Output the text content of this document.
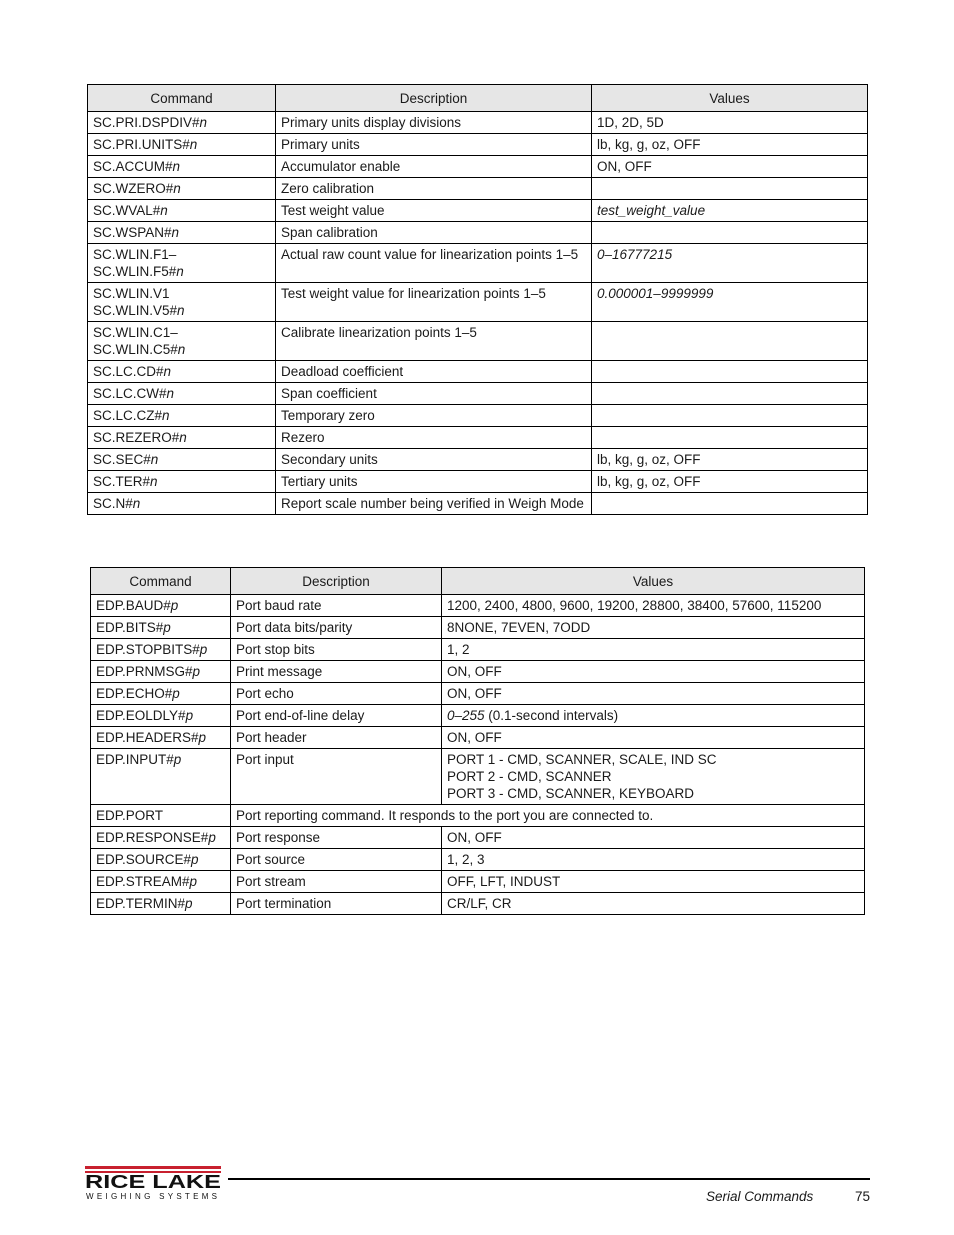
Command	Description	Values
SC.PRI.DSPDIV#n	Primary units display divisions	1D, 2D, 5D
SC.PRI.UNITS#n	Primary units	lb, kg, g, oz, OFF
SC.ACCUM#n	Accumulator enable	ON, OFF
SC.WZERO#n	Zero calibration	
SC.WVAL#n	Test weight value	test_weight_value
SC.WSPAN#n	Span calibration	
SC.WLIN.F1–
SC.WLIN.F5#n	Actual raw count value for linearization points 1–5	0–16777215
SC.WLIN.V1
SC.WLIN.V5#n	Test weight value for linearization points 1–5	0.000001–9999999
SC.WLIN.C1–
SC.WLIN.C5#n	Calibrate linearization points 1–5	
SC.LC.CD#n	Deadload coefficient	
SC.LC.CW#n	Span coefficient	
SC.LC.CZ#n	Temporary zero	
SC.REZERO#n	Rezero	
SC.SEC#n	Secondary units	lb, kg, g, oz, OFF
SC.TER#n	Tertiary units	lb, kg, g, oz, OFF
SC.N#n	Report scale number being verified in Weigh Mode	
Command	Description	Values
EDP.BAUD#p	Port baud rate	1200, 2400, 4800, 9600, 19200, 28800, 38400, 57600, 115200
EDP.BITS#p	Port data bits/parity	8NONE, 7EVEN, 7ODD
EDP.STOPBITS#p	Port stop bits	1, 2
EDP.PRNMSG#p	Print message	ON, OFF
EDP.ECHO#p	Port echo	ON, OFF
EDP.EOLDLY#p	Port end-of-line delay	0–255 (0.1-second intervals)
EDP.HEADERS#p	Port header	ON, OFF
EDP.INPUT#p	Port input	PORT 1 - CMD, SCANNER, SCALE, IND SC
PORT 2 - CMD, SCANNER
PORT 3 - CMD, SCANNER, KEYBOARD

EDP.PORT	Port reporting command. It responds to the port you are connected to.	
EDP.RESPONSE#p	Port response	ON, OFF
EDP.SOURCE#p	Port source	1, 2, 3
EDP.STREAM#p	Port stream	OFF, LFT, INDUST
EDP.TERMIN#p	Port termination	CR/LF, CR
RICE LAKE
WEIGHING SYSTEMS	Serial Commands	75
